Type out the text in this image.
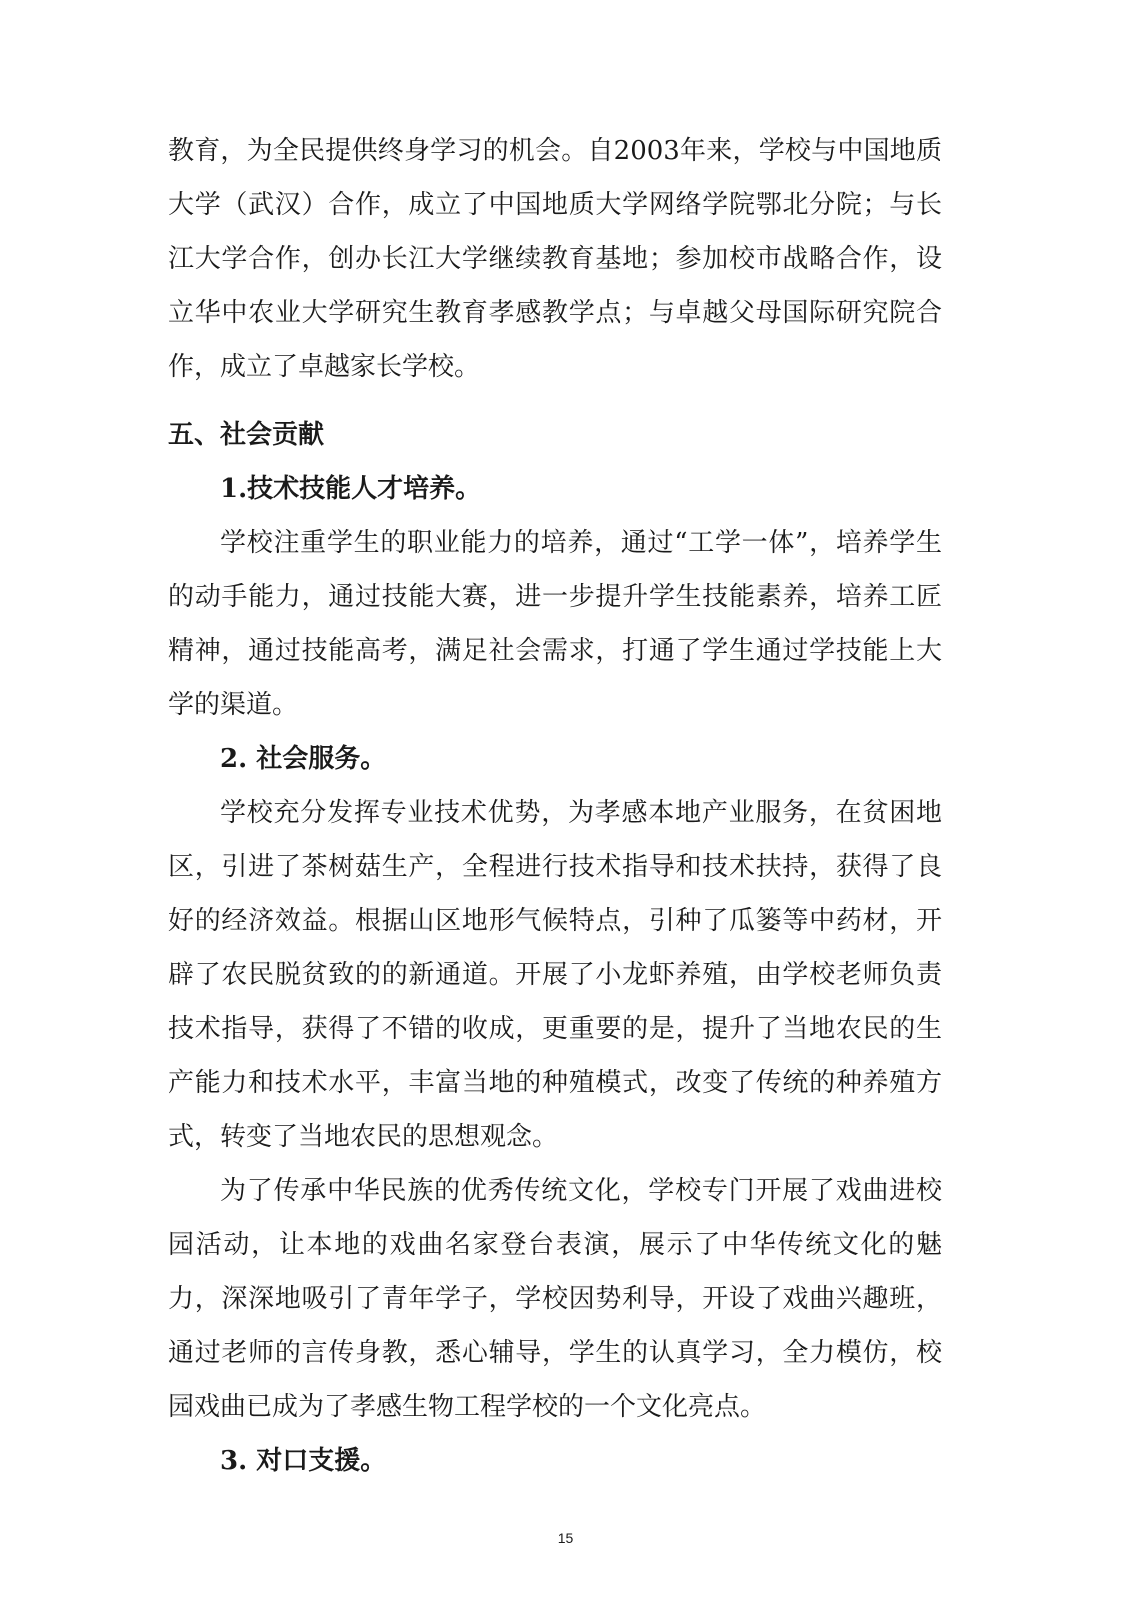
教育，为全民提供终身学习的机会。自2003年来，学校与中国地质大学（武汉）合作，成立了中国地质大学网络学院鄂北分院；与长江大学合作，创办长江大学继续教育基地；参加校市战略合作，设立华中农业大学研究生教育孝感教学点；与卓越父母国际研究院合作，成立了卓越家长学校。

五、社会贡献

1.技术技能人才培养。

学校注重学生的职业能力的培养，通过“工学一体”，培养学生的动手能力，通过技能大赛，进一步提升学生技能素养，培养工匠精神，通过技能高考，满足社会需求，打通了学生通过学技能上大学的渠道。

2. 社会服务。

学校充分发挥专业技术优势，为孝感本地产业服务，在贫困地区，引进了茶树菇生产，全程进行技术指导和技术扶持，获得了良好的经济效益。根据山区地形气候特点，引种了瓜篓等中药材，开辟了农民脱贫致的的新通道。开展了小龙虾养殖，由学校老师负责技术指导，获得了不错的收成，更重要的是，提升了当地农民的生产能力和技术水平，丰富当地的种殖模式，改变了传统的种养殖方式，转变了当地农民的思想观念。

为了传承中华民族的优秀传统文化，学校专门开展了戏曲进校园活动，让本地的戏曲名家登台表演，展示了中华传统文化的魅力，深深地吸引了青年学子，学校因势利导，开设了戏曲兴趣班，通过老师的言传身教，悉心辅导，学生的认真学习，全力模仿，校园戏曲已成为了孝感生物工程学校的一个文化亮点。

3. 对口支援。

15
